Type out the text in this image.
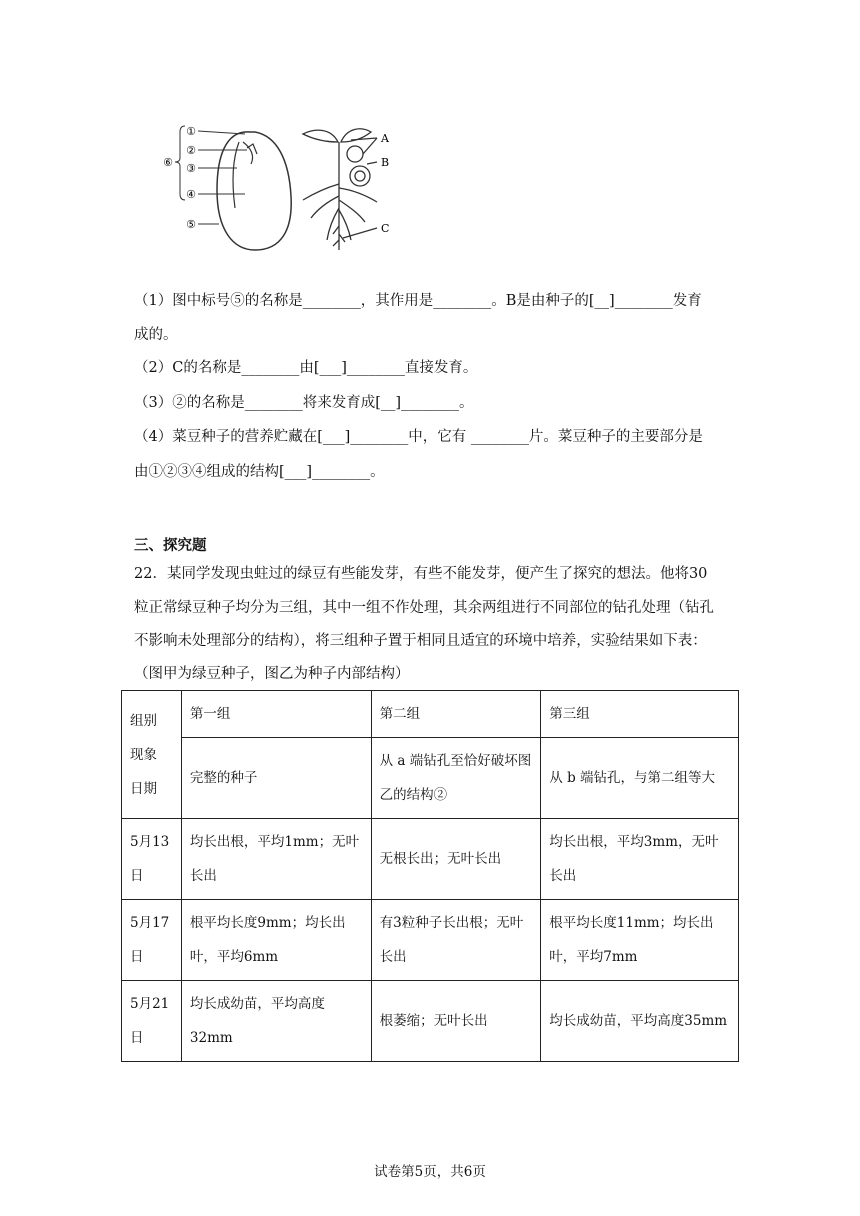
①
②
③
④
⑤
⑥
A
B
C
（1）图中标号⑤的名称是________，其作用是________。B是由种子的[__]________发育
成的。
（2）C的名称是________由[___]________直接发育。
（3）②的名称是________将来发育成[__]________。
（4）菜豆种子的营养贮藏在[___]________中，它有 ________片。菜豆种子的主要部分是
由①②③④组成的结构[___]________。
三、探究题
22．某同学发现虫蛀过的绿豆有些能发芽，有些不能发芽，便产生了探究的想法。他将30
粒正常绿豆种子均分为三组，其中一组不作处理，其余两组进行不同部位的钻孔处理（钻孔
不影响未处理部分的结构），将三组种子置于相同且适宜的环境中培养，实验结果如下表：
（图甲为绿豆种子，图乙为种子内部结构）
组别
现象
日期	第一组	第二组	第三组
	完整的种子	从 a 端钻孔至恰好破坏图乙的结构②	从 b 端钻孔，与第二组等大
5月13日	均长出根，平均1mm；无叶长出	无根长出；无叶长出	均长出根，平均3mm，无叶长出
5月17日	根平均长度9mm；均长出叶，平均6mm	有3粒种子长出根；无叶长出	根平均长度11mm；均长出叶，平均7mm
5月21日	均长成幼苗，平均高度32mm	根萎缩；无叶长出	均长成幼苗，平均高度35mm
试卷第5页，共6页
